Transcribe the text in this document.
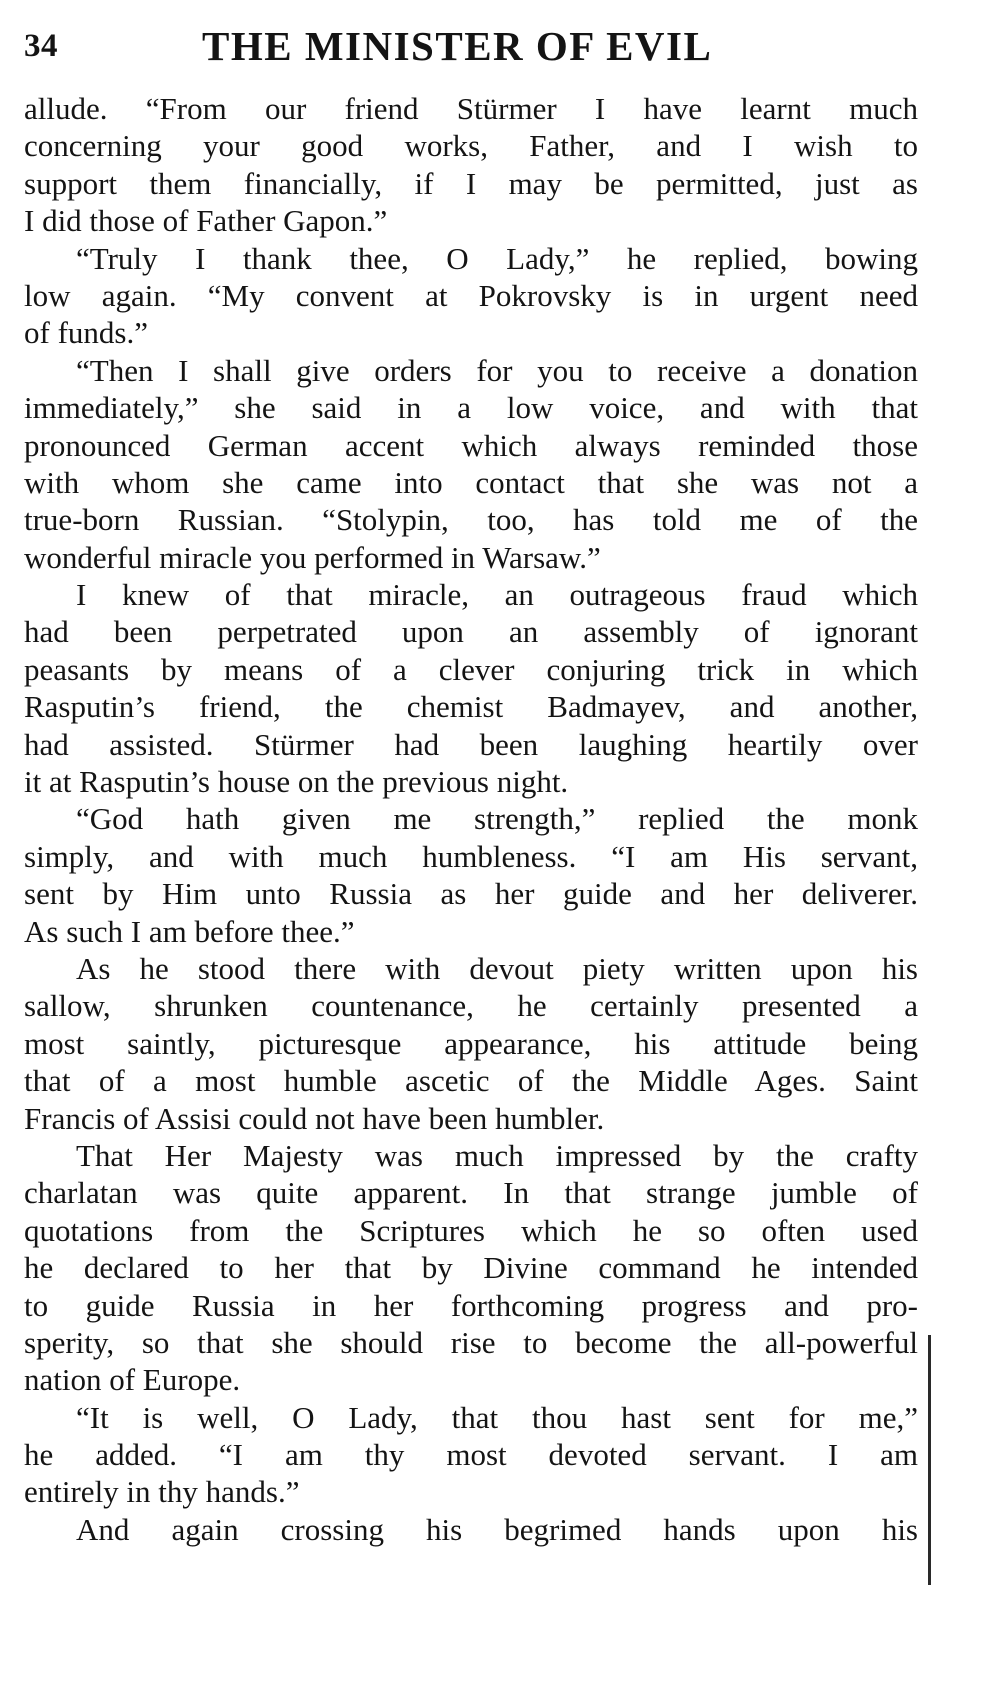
34	THE MINISTER OF EVIL
allude. “From our friend Stürmer I have learnt much
concerning your good works, Father, and I wish to
support them financially, if I may be permitted, just as
I did those of Father Gapon.”
“Truly I thank thee, O Lady,” he replied, bowing
low again. “My convent at Pokrovsky is in urgent need
of funds.”
“Then I shall give orders for you to receive a donation
immediately,” she said in a low voice, and with that
pronounced German accent which always reminded those
with whom she came into contact that she was not a
true-born Russian. “Stolypin, too, has told me of the
wonderful miracle you performed in Warsaw.”
I knew of that miracle, an outrageous fraud which
had been perpetrated upon an assembly of ignorant
peasants by means of a clever conjuring trick in which
Rasputin’s friend, the chemist Badmayev, and another,
had assisted. Stürmer had been laughing heartily over
it at Rasputin’s house on the previous night.
“God hath given me strength,” replied the monk
simply, and with much humbleness. “I am His servant,
sent by Him unto Russia as her guide and her deliverer.
As such I am before thee.”
As he stood there with devout piety written upon his
sallow, shrunken countenance, he certainly presented a
most saintly, picturesque appearance, his attitude being
that of a most humble ascetic of the Middle Ages. Saint
Francis of Assisi could not have been humbler.
That Her Majesty was much impressed by the crafty
charlatan was quite apparent. In that strange jumble of
quotations from the Scriptures which he so often used
he declared to her that by Divine command he intended
to guide Russia in her forthcoming progress and pro-
sperity, so that she should rise to become the all-powerful
nation of Europe.
“It is well, O Lady, that thou hast sent for me,”
he added. “I am thy most devoted servant. I am
entirely in thy hands.”
And again crossing his begrimed hands upon his
